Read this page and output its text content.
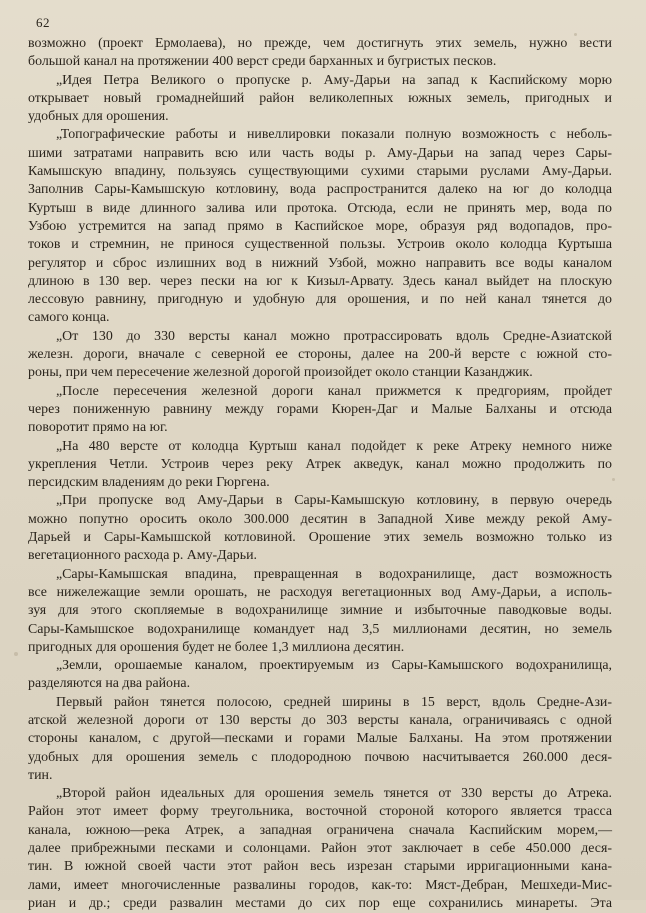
62
возможно (проект Ермолаева), но прежде, чем достигнуть этих земель, нужно вести
большой канал на протяжении 400 верст среди барханных и бугристых песков.
„Идея Петра Великого о пропуске р. Аму-Дарьи на запад к Каспийскому морю
открывает новый громаднейший район великолепных южных земель, пригодных и
удобных для орошения.
„Топографические работы и нивеллировки показали полную возможность с неболь-
шими затратами направить всю или часть воды р. Аму-Дарьи на запад через Сары-
Камышскую впадину, пользуясь существующими сухими старыми руслами Аму-Дарьи.
Заполнив Сары-Камышскую котловину, вода распространится далеко на юг до колодца
Куртыш в виде длинного залива или протока. Отсюда, если не принять мер, вода по
Узбою устремится на запад прямо в Каспийское море, образуя ряд водопадов, про-
токов и стремнин, не принося существенной пользы. Устроив около колодца Куртыша
регулятор и сброс излишних вод в нижний Узбой, можно направить все воды каналом
длиною в 130 вер. через пески на юг к Кизыл-Арвату. Здесь канал выйдет на плоскую
лессовую равнину, пригодную и удобную для орошения, и по ней канал тянется до
самого конца.
„От 130 до 330 версты канал можно протрассировать вдоль Средне-Азиатской
железн. дороги, вначале с северной ее стороны, далее на 200-й версте с южной сто-
роны, при чем пересечение железной дорогой произойдет около станции Казанджик.
„После пересечения железной дороги канал прижмется к предгориям, пройдет
через пониженную равнину между горами Кюрен-Даг и Малые Балханы и отсюда
поворотит прямо на юг.
„На 480 версте от колодца Куртыш канал подойдет к реке Атреку немного ниже
укрепления Четли. Устроив через реку Атрек акведук, канал можно продолжить по
персидским владениям до реки Гюргена.
„При пропуске вод Аму-Дарьи в Сары-Камышскую котловину, в первую очередь
можно попутно оросить около 300.000 десятин в Западной Хиве между рекой Аму-
Дарьей и Сары-Камышской котловиной. Орошение этих земель возможно только из
вегетационного расхода р. Аму-Дарьи.
„Сары-Камышская впадина, превращенная в водохранилище, даст возможность
все нижележащие земли орошать, не расходуя вегетационных вод Аму-Дарьи, а исполь-
зуя для этого скопляемые в водохранилище зимние и избыточные паводковые воды.
Сары-Камышское водохранилище командует над 3,5 миллионами десятин, но земель
пригодных для орошения будет не более 1,3 миллиона десятин.
„Земли, орошаемые каналом, проектируемым из Сары-Камышского водохранилища,
разделяются на два района.
Первый район тянется полосою, средней ширины в 15 верст, вдоль Средне-Ази-
атской железной дороги от 130 версты до 303 версты канала, ограничиваясь с одной
стороны каналом, с другой—песками и горами Малые Балханы. На этом протяжении
удобных для орошения земель с плодородною почвою насчитывается 260.000 деся-
тин.
„Второй район идеальных для орошения земель тянется от 330 версты до Атрека.
Район этот имеет форму треугольника, восточной стороной которого является трасса
канала, южною—река Атрек, а западная ограничена сначала Каспийским морем,—
далее прибрежными песками и солонцами. Район этот заключает в себе 450.000 деся-
тин. В южной своей части этот район весь изрезан старыми ирригационными кана-
лами, имеет многочисленные развалины городов, как-то: Мяст-Дебран, Мешхеди-Мис-
риан и др.; среди развалин местами до сих пор еще сохранились минареты. Эта
